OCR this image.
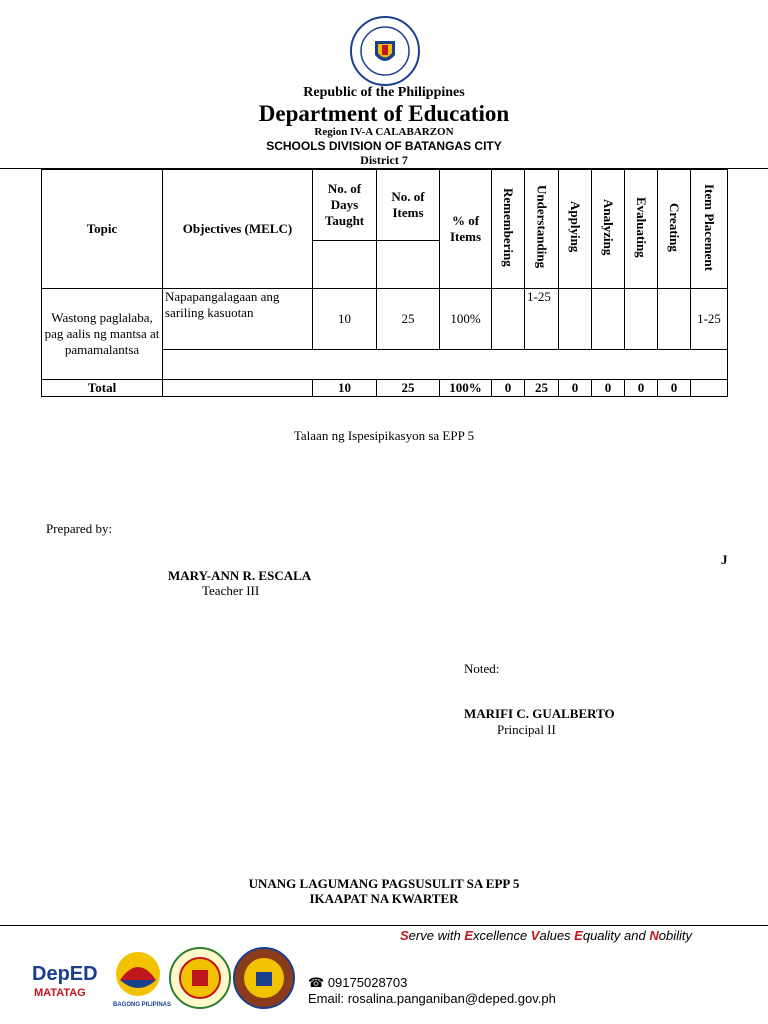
Republic of the Philippines
Department of Education
Region IV-A CALABARZON
SCHOOLS DIVISION OF BATANGAS CITY
District 7
Topic	Objectives (MELC)	No. of Days Taught	No. of Items	% of Items	Remembering	Understanding	Applying	Analyzing	Evaluating	Creating	Item Placement

Wastong paglalaba, pag aalis ng mantsa at pamamalantsa	Napapangalagaan ang sariling kasuotan	10	25	100%		1-25					1-25

Total		10	25	100%	0	25	0	0	0	0	
Talaan ng Ispesipikasyon sa EPP 5
Prepared by:
J
MARY-ANN R. ESCALA
Teacher III
Noted:
MARIFI C. GUALBERTO
Principal II
UNANG LAGUMANG PAGSUSULIT SA EPP 5
IKAAPAT NA KWARTER
Serve with Excellence Values Equality and Nobility
DepED
MATATAG
BAGONG PILIPINAS
☎ 09175028703
Email: rosalina.panganiban@deped.gov.ph
